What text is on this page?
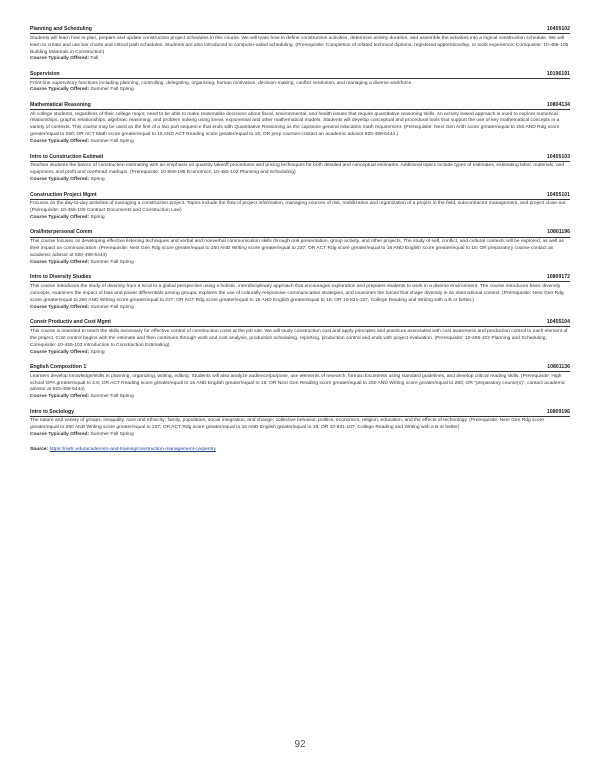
Planning and Scheduling	10455102

Students will learn how to plan, prepare and update construction project schedules in this course. We will learn how to define construction activities, determine activity duration, and assemble the activities into a logical construction schedule. We will learn to create and use bar charts and critical path schedules. Students are also introduced to computer-aided scheduling. (Prerequisite: Completion of related technical diploma, registered apprenticeship, or work experience; Corequisite: 10-455-105 Building Materials in Construction)

Course Typically Offered: Fall

Supervision	10196191

Front-line supervisory functions including planning, controlling, delegating, organizing, human motivation, decision-making, conflict resolution, and managing a diverse workforce.

Course Typically Offered: Summer Fall Spring

Mathematical Reasoning	10804134

All college students, regardless of their college major, need to be able to make reasonable decisions about fiscal, environmental, and health issues that require quantitative reasoning skills. An activity based approach is used to explore numerical relationships, graphic relationships, algebraic reasoning, and problem solving using linear, exponential and other mathematical models. Students will develop conceptual and procedural tools that support the use of key mathematical concepts in a variety of contexts. This course may be used as the first of a two part sequence that ends with Quantitative Reasoning as the capstone general education math requirement. (Prerequisite: Next Gen Arith score greater/equal to 250 AND Rdg score greater/equal to 250; OR ACT Math score greater/equal to 15 AND ACT Reading score greater/equal to 16; OR prep courses-contact an academic advisor 920-498-5444.)

Course Typically Offered: Summer Fall Spring

Intro to Construction Estimati	10455103

Teaches students the basics of construction estimating with an emphasis on quantity takeoff procedures and pricing techniques for both detailed and conceptual estimates. Additional topics include types of estimates, estimating labor, materials, and equipment, and profit and overhead markups. (Prerequisite: 10-809-195 Economics, 10-455-102 Planning and Scheduling)

Course Typically Offered: Spring

Construction Project Mgmt	10455101

Focuses on the day-to-day activities of managing a construction project. Topics include the flow of project information, managing sources of risk, mobilization and organization of a project in the field, subcontractor management, and project close-out. (Prerequisite: 10-455-100 Contract Documents and Construction Law)

Course Typically Offered: Spring

Oral/Interpersonal Comm	10801196

This course focuses on developing effective listening techniques and verbal and nonverbal communication skills through oral presentation, group activity, and other projects. The study of self, conflict, and cultural contexts will be explored, as well as their impact on communication. (Prerequisite: Next Gen Rdg score greater/equal to 250 AND Writing score greater/equal to 237; OR ACT Rdg score greater/equal to 16 AND English score greater/equal to 18; OR preparatory course-contact an academic advisor at 920-498-5444)

Course Typically Offered: Summer Fall Spring

Intro to Diversity Studies	10809172

This course introduces the study of diversity from a local to a global perspective using a holistic, interdisciplinary approach that encourages exploration and prepares students to work in a diverse environment. The course introduces basic diversity concepts, examines the impact of bias and power differentials among groups, explores the use of culturally-responsive communication strategies, and examines the forces that shape diversity in an international context. (Prerequisite: Next Gen Rdg score greater/equal to 250 AND Writing score greater/equal to 237; OR ACT Rdg score greater/equal to 16 AND English greater/equal to 18; OR 10-831-107, College Reading and Writing with a B or better.)

Course Typically Offered: Summer Fall Spring

Constr Productiv and Cost Mgmt	10455104

This course is intended to teach the skills necessary for effective control of construction costs at the job site. We will study construction cost and apply principles and practices associated with cost awareness and production control to each element of the project. Cost control begins with the estimate and then continues through work and cost analysis, production scheduling, reporting, production control and ends with project evaluation. (Prerequisite: 10-455-102 Planning and Scheduling; Corequisite: 10-455-103 Introduction to Construction Estimating)

Course Typically Offered: Spring

English Composition 1	10801136

Learners develop knowledge/skills in planning, organizing, writing, editing. Students will also analyze audience/purpose, use elements of research, format documents using standard guidelines, and develop critical reading skills. (Prerequisite: High school GPA greater/equal to 2.6; OR ACT Reading score greater/equal to 16 AND English greater/equal to 18; OR Next Gen Reading score greater/equal to 250 AND Writing score greater/equal to 260; OR "preparatory course(s)", contact academic advisor at 920-498-5444)

Course Typically Offered: Summer Fall Spring

Intro to Sociology	10809196

The nature and variety of groups; inequality, race and ethnicity; family, population, social integration, and change; collective behavior, politics, economics, religion, education, and the effects of technology. (Prerequisite: Next Gen Rdg score greater/equal to 250 AND Writing score greater/equal to 237; OR ACT Rdg score greater/equal to 16 AND English greater/equal to 18; OR 10-831-107, College Reading and Writing with a B or better)

Course Typically Offered: Summer Fall Spring

Source: https://nwtc.edu/academics-and-training/construction-management-carpentry
92
